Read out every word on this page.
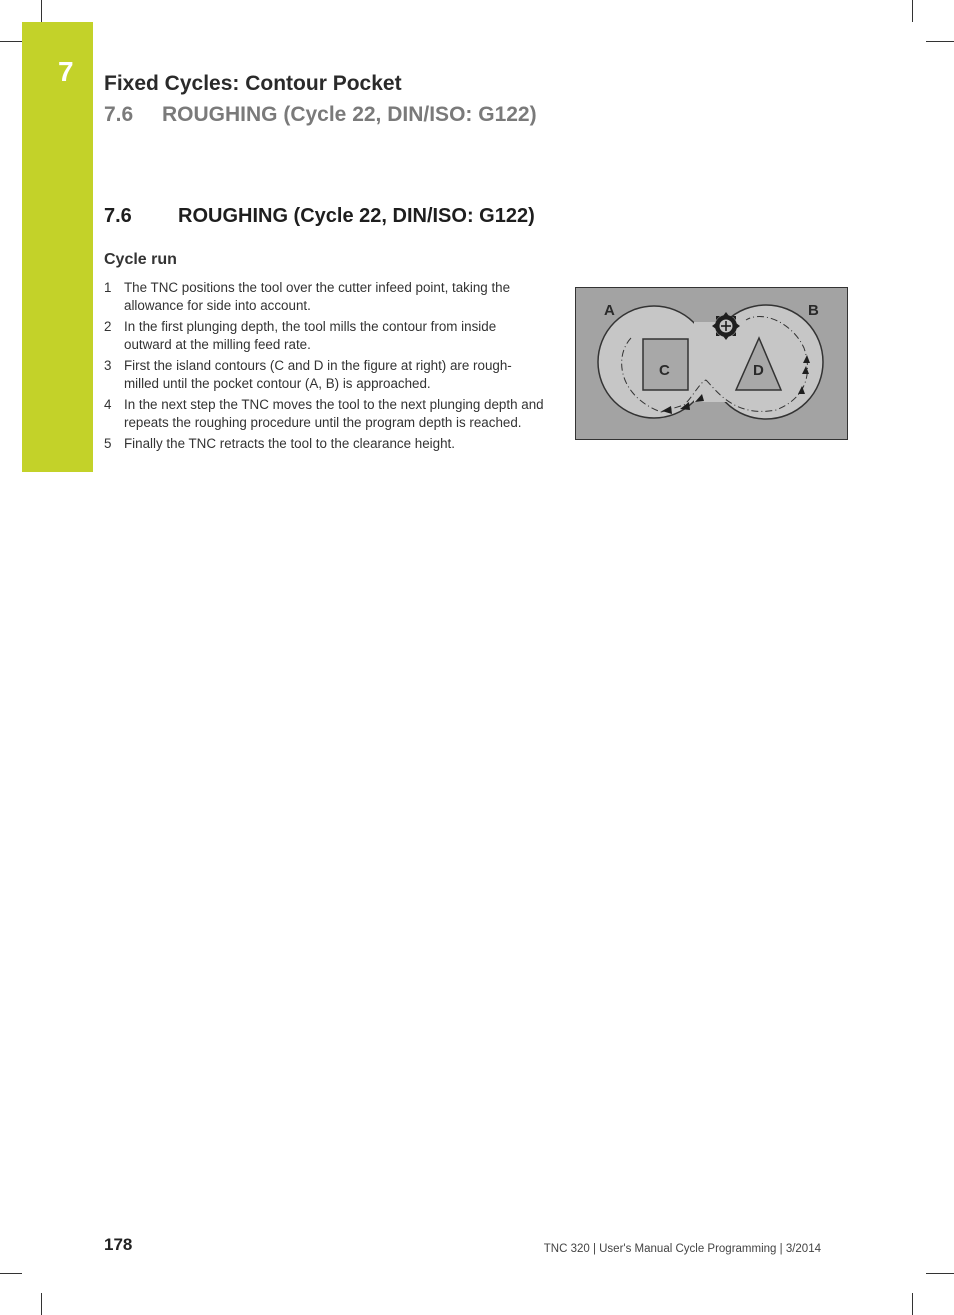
7 Fixed Cycles: Contour Pocket
7.6 ROUGHING (Cycle 22, DIN/ISO: G122)
7.6 ROUGHING (Cycle 22, DIN/ISO: G122)
Cycle run
1 The TNC positions the tool over the cutter infeed point, taking the allowance for side into account.
2 In the first plunging depth, the tool mills the contour from inside outward at the milling feed rate.
3 First the island contours (C and D in the figure at right) are rough-milled until the pocket contour (A, B) is approached.
4 In the next step the TNC moves the tool to the next plunging depth and repeats the roughing procedure until the program depth is reached.
5 Finally the TNC retracts the tool to the clearance height.
A	B
C	D
178	TNC 320 | User's Manual Cycle Programming | 3/2014
